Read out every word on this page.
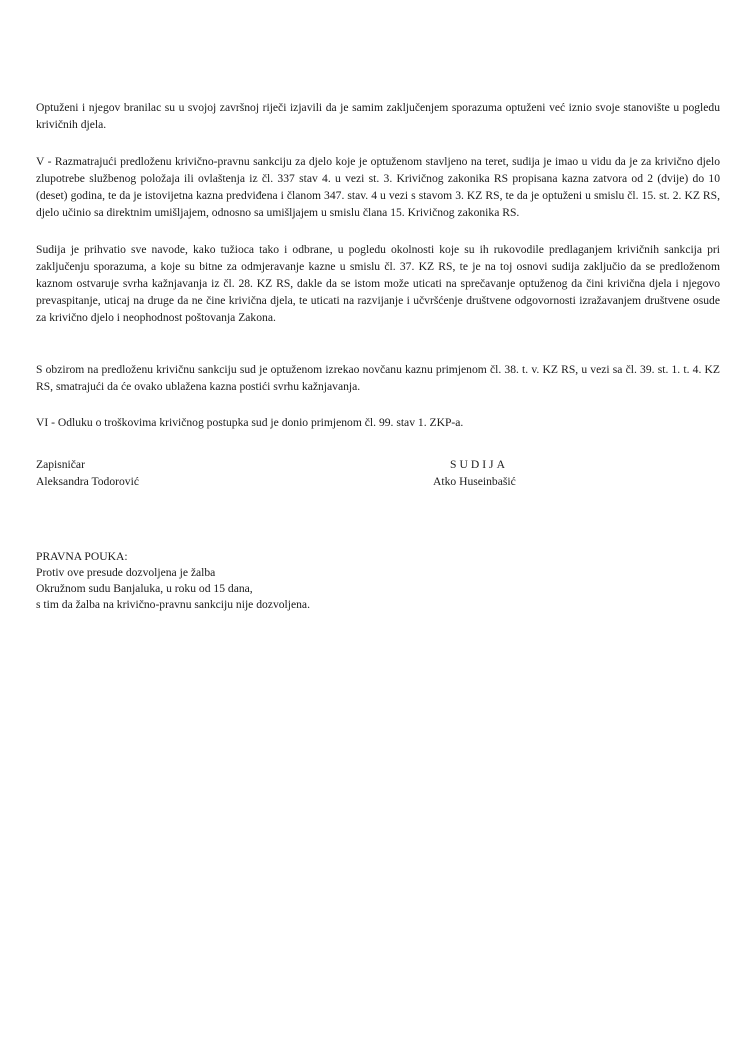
Optuženi i njegov branilac su u svojoj završnoj riječi izjavili da je samim zaključenjem sporazuma optuženi već iznio svoje stanovište u pogledu krivičnih djela.

V - Razmatrajući predloženu krivično-pravnu sankciju za djelo koje je optuženom stavljeno na teret, sudija je imao u vidu da je za krivično djelo zlupotrebe službenog položaja ili ovlaštenja iz čl. 337 stav 4. u vezi st. 3. Krivičnog zakonika RS propisana kazna zatvora od 2 (dvije) do 10 (deset) godina, te da je istovijetna kazna predviđena i članom 347. stav. 4 u vezi s stavom 3. KZ RS, te da je optuženi u smislu čl. 15. st. 2. KZ RS, djelo učinio sa direktnim umišljajem, odnosno sa umišljajem u smislu člana 15. Krivičnog zakonika RS.

Sudija je prihvatio sve navode, kako tužioca tako i odbrane, u pogledu okolnosti koje su ih rukovodile predlaganjem krivičnih sankcija pri zaključenju sporazuma, a koje su bitne za odmjeravanje kazne u smislu čl. 37. KZ RS, te je na toj osnovi sudija zaključio da se predloženom kaznom ostvaruje svrha kažnjavanja iz čl. 28. KZ RS, dakle da se istom može uticati na sprečavanje optuženog da čini krivična djela i njegovo prevaspitanje, uticaj na druge da ne čine krivična djela, te uticati na razvijanje i učvršćenje društvene odgovornosti izražavanjem društvene osude za krivično djelo i neophodnost poštovanja Zakona.

S obzirom na predloženu krivičnu sankciju sud je optuženom izrekao novčanu kaznu primjenom čl. 38. t. v. KZ RS, u vezi sa čl. 39. st. 1. t. 4. KZ RS, smatrajući da će ovako ublažena kazna postići svrhu kažnjavanja.

VI - Odluku o troškovima krivičnog postupka sud je donio primjenom čl. 99. stav 1. ZKP-a.

Zapisničar
Aleksandra Todorović
SUDIJA
Atko Huseinbašić
PRAVNA POUKA:
Protiv ove presude dozvoljena je žalba
Okružnom sudu Banjaluka, u roku od 15 dana,
s tim da žalba na krivično-pravnu sankciju nije dozvoljena.
